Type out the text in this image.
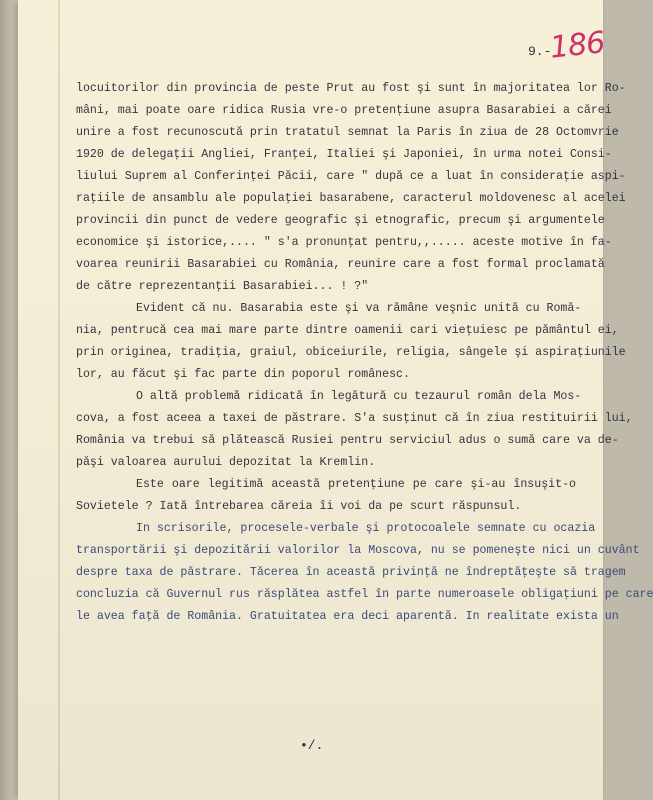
9.-
186
locuitorilor din provincia de peste Prut au fost şi sunt în majoritatea lor Ro-
mâni, mai poate oare ridica Rusia vre-o pretenţiune asupra Basarabiei a cărei
unire a fost recunoscută prin tratatul semnat la Paris în ziua de 28 Octomvrie
1920 de delegaţii Angliei, Franţei, Italiei şi Japoniei, în urma notei Consi-
liului Suprem al Conferinţei Păcii, care " după ce a luat în consideraţie aspi-
raţiile de ansamblu ale populaţiei basarabene, caracterul moldovenesc al acelei
provincii din punct de vedere geografic şi etnografic, precum şi argumentele
economice şi istorice,.... " s'a pronunţat pentru,,..... aceste motive în fa-
voarea reunirii Basarabiei cu România, reunire care a fost formal proclamată
de către reprezentanţii Basarabiei... ! ?"
Evident că nu. Basarabia este şi va rămâne veşnic unită cu Romă-
nia, pentrucă cea mai mare parte dintre oamenii cari vieţuiesc pe pământul ei,
prin originea, tradiţia, graiul, obiceiurile, religia, sângele şi aspiraţiunile
lor, au făcut şi fac parte din poporul românesc.
O altă problemă ridicată în legătură cu tezaurul român dela Mos-
cova, a fost aceea a taxei de păstrare. S'a susţinut că în ziua restituirii lui,
România va trebui să plătească Rusiei pentru serviciul adus o sumă care va de-
păşi valoarea aurului depozitat la Kremlin.
Este oare legitimă această pretenţiune pe care şi-au însuşit-o
Sovietele ? Iată întrebarea căreia îi voi da pe scurt răspunsul.
In scrisorile, procesele-verbale şi protocoalele semnate cu ocazia
transportării şi depozitării valorilor la Moscova, nu se pomeneşte nici un cuvânt
despre taxa de păstrare. Tăcerea în această privinţă ne îndreptăţeşte să tragem
concluzia că Guvernul rus răsplătea astfel în parte numeroasele obligaţiuni pe care
le avea faţă de România. Gratuitatea era deci aparentă. In realitate exista un
•/.
